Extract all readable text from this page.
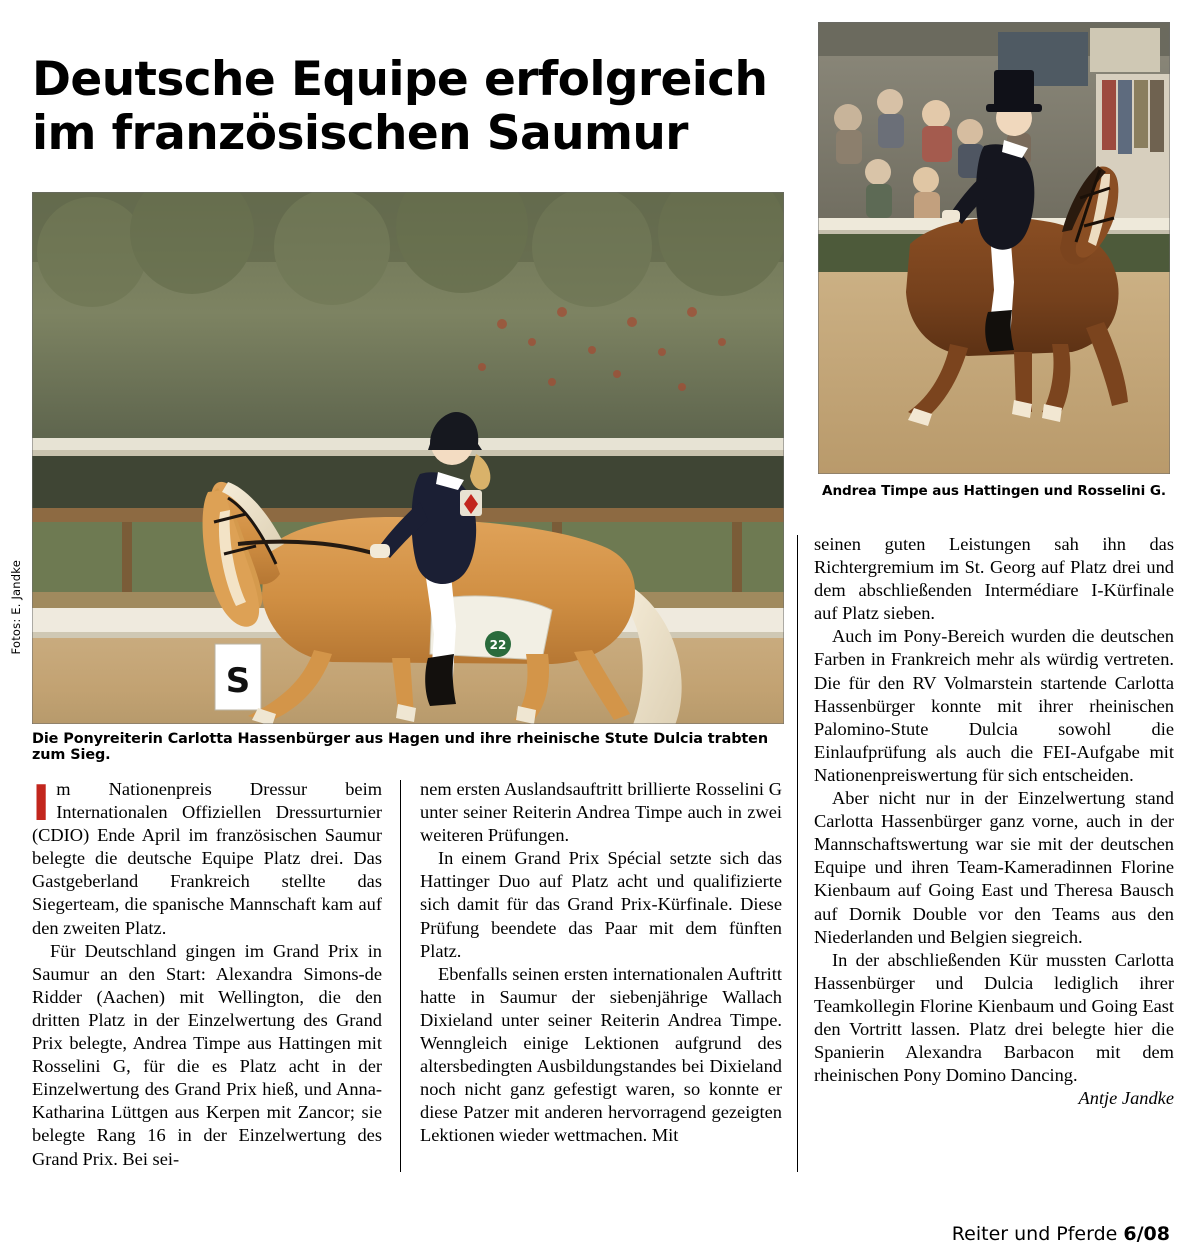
Deutsche Equipe erfolgreich im französischen Saumur
S
22
Fotos: E. Jandke
Die Ponyreiterin Carlotta Hassenbürger aus Hagen und ihre rheinische Stute Dulcia trabten zum Sieg.
Andrea Timpe aus Hattingen und Rosselini G.

Im Nationenpreis Dressur beim Internationalen Offiziellen Dressurturnier (CDIO) Ende April im französischen Saumur belegte die deutsche Equipe Platz drei. Das Gastgeberland Frankreich stellte das Siegerteam, die spanische Mannschaft kam auf den zweiten Platz.

Für Deutschland gingen im Grand Prix in Saumur an den Start: Alexandra Simons-de Ridder (Aachen) mit Wellington, die den dritten Platz in der Einzelwertung des Grand Prix belegte, Andrea Timpe aus Hattingen mit Rosselini G, für die es Platz acht in der Einzelwertung des Grand Prix hieß, und Anna-Katharina Lüttgen aus Kerpen mit Zancor; sie belegte Rang 16 in der Einzelwertung des Grand Prix. Bei sei-

nem ersten Auslandsauftritt brillierte Rosselini G unter seiner Reiterin Andrea Timpe auch in zwei weiteren Prüfungen.

In einem Grand Prix Spécial setzte sich das Hattinger Duo auf Platz acht und qualifizierte sich damit für das Grand Prix-Kürfinale. Diese Prüfung beendete das Paar mit dem fünften Platz.

Ebenfalls seinen ersten internationalen Auftritt hatte in Saumur der siebenjährige Wallach Dixieland unter seiner Reiterin Andrea Timpe. Wenngleich einige Lektionen aufgrund des altersbedingten Ausbildungstandes bei Dixieland noch nicht ganz gefestigt waren, so konnte er diese Patzer mit anderen hervorragend gezeigten Lektionen wieder wettmachen. Mit

seinen guten Leistungen sah ihn das Richtergremium im St. Georg auf Platz drei und dem abschließenden Intermédiare I-Kürfinale auf Platz sieben.

Auch im Pony-Bereich wurden die deutschen Farben in Frankreich mehr als würdig vertreten. Die für den RV Volmarstein startende Carlotta Hassenbürger konnte mit ihrer rheinischen Palomino-Stute Dulcia sowohl die Einlaufprüfung als auch die FEI-Aufgabe mit Nationenpreiswertung für sich entscheiden.

Aber nicht nur in der Einzelwertung stand Carlotta Hassenbürger ganz vorne, auch in der Mannschaftswertung war sie mit der deutschen Equipe und ihren Team-Kameradinnen Florine Kienbaum auf Going East und Theresa Bausch auf Dornik Double vor den Teams aus den Niederlanden und Belgien siegreich.

In der abschließenden Kür mussten Carlotta Hassenbürger und Dulcia lediglich ihrer Teamkollegin Florine Kienbaum und Going East den Vortritt lassen. Platz drei belegte hier die Spanierin Alexandra Barbacon mit dem rheinischen Pony Domino Dancing.

Antje Jandke

Reiter und Pferde 6/08
